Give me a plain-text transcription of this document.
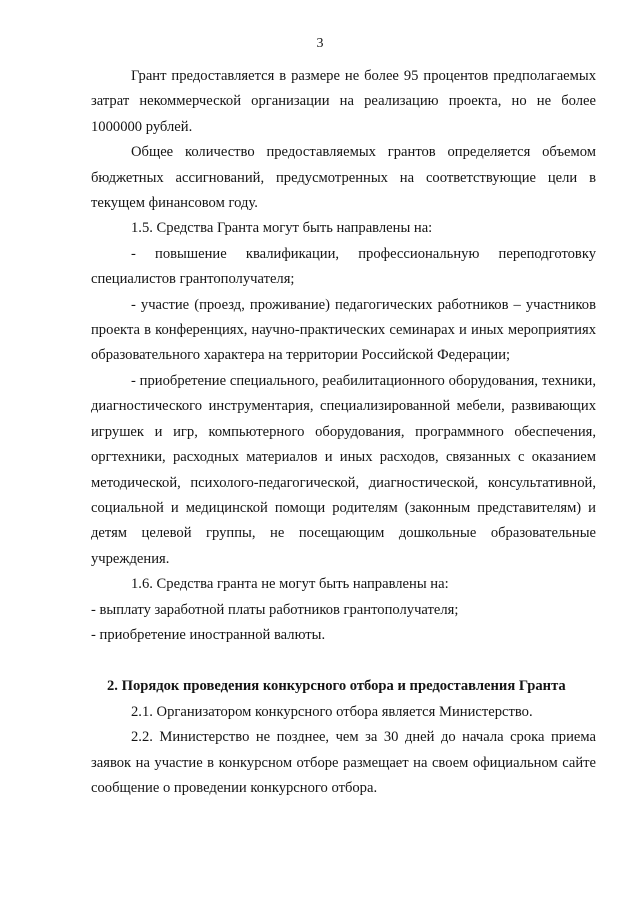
3

Грант предоставляется в размере не более 95 процентов предполагаемых затрат некоммерческой организации на реализацию проекта, но не более 1000000 рублей.

Общее количество предоставляемых грантов определяется объемом бюджетных ассигнований, предусмотренных на соответствующие цели в текущем финансовом году.

1.5. Средства Гранта могут быть направлены на:

- повышение квалификации, профессиональную переподготовку специалистов грантополучателя;

- участие (проезд, проживание) педагогических работников – участников проекта в конференциях, научно-практических семинарах и иных мероприятиях образовательного характера на территории Российской Федерации;

- приобретение специального, реабилитационного оборудования, техники, диагностического инструментария, специализированной мебели, развивающих игрушек и игр, компьютерного оборудования, программного обеспечения, оргтехники, расходных материалов и иных расходов, связанных с оказанием методической, психолого-педагогической, диагностической, консультативной, социальной и медицинской помощи родителям (законным представителям) и детям целевой группы, не посещающим дошкольные образовательные учреждения.

1.6. Средства гранта не могут быть направлены на:

- выплату заработной платы работников грантополучателя;

- приобретение иностранной валюты.

2. Порядок проведения конкурсного отбора и предоставления Гранта

2.1. Организатором конкурсного отбора является Министерство.

2.2. Министерство не позднее, чем за 30 дней до начала срока приема заявок на участие в конкурсном отборе размещает на своем официальном сайте сообщение о проведении конкурсного отбора.
